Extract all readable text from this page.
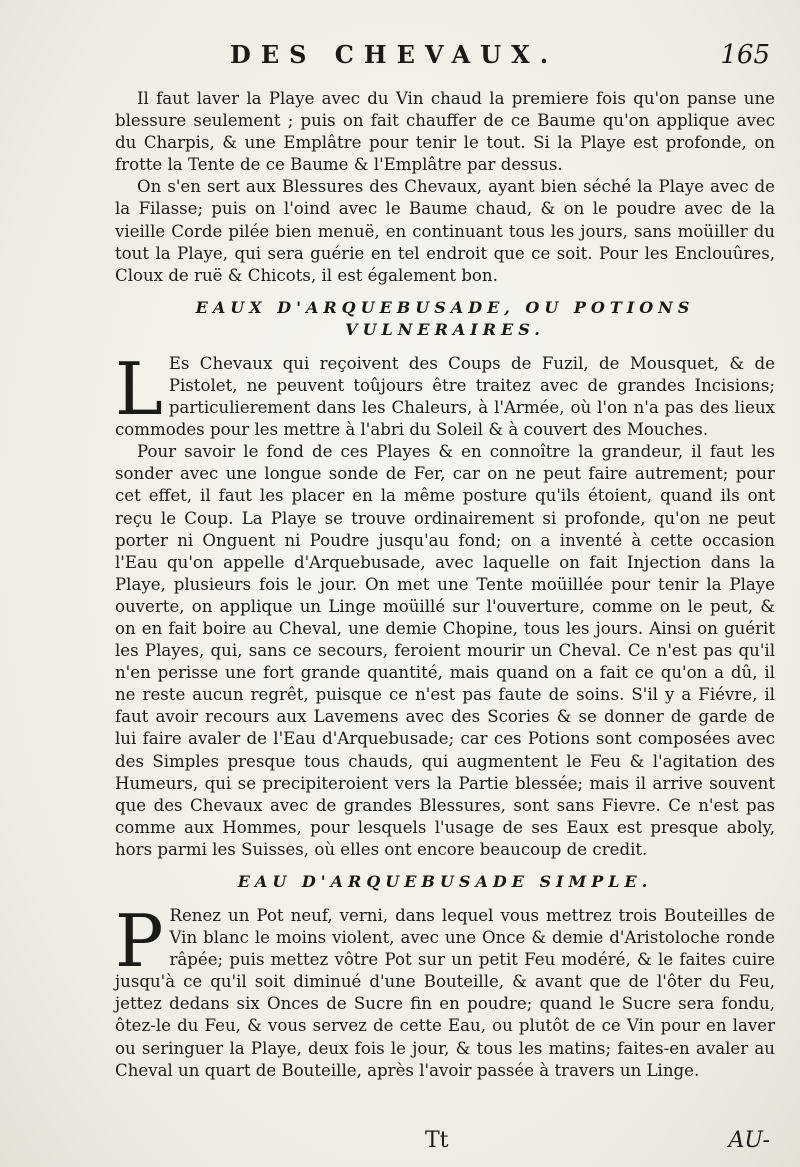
DES CHEVAUX.	165

Il faut laver la Playe avec du Vin chaud la premiere fois qu'on panse une blessure seulement ; puis on fait chauffer de ce Baume qu'on applique avec du Charpis, & une Emplâtre pour tenir le tout. Si la Playe est profonde, on frotte la Tente de ce Baume & l'Emplâtre par dessus.

On s'en sert aux Blessures des Chevaux, ayant bien séché la Playe avec de la Filasse; puis on l'oind avec le Baume chaud, & on le poudre avec de la vieille Corde pilée bien menuë, en continuant tous les jours, sans moüiller du tout la Playe, qui sera guérie en tel endroit que ce soit. Pour les Enclouûres, Cloux de ruë & Chicots, il est également bon.

EAUX D'ARQUEBUSADE, OU POTIONS VULNERAIRES.

L Es Chevaux qui reçoivent des Coups de Fuzil, de Mousquet, & de Pistolet, ne peuvent toûjours être traitez avec de grandes Incisions; particulierement dans les Chaleurs, à l'Armée, où l'on n'a pas des lieux commodes pour les mettre à l'abri du Soleil & à couvert des Mouches.

Pour savoir le fond de ces Playes & en connoître la grandeur, il faut les sonder avec une longue sonde de Fer, car on ne peut faire autrement; pour cet effet, il faut les placer en la même posture qu'ils étoient, quand ils ont reçu le Coup. La Playe se trouve ordinairement si profonde, qu'on ne peut porter ni Onguent ni Poudre jusqu'au fond; on a inventé à cette occasion l'Eau qu'on appelle d'Arquebusade, avec laquelle on fait Injection dans la Playe, plusieurs fois le jour. On met une Tente moüillée pour tenir la Playe ouverte, on applique un Linge moüillé sur l'ouverture, comme on le peut, & on en fait boire au Cheval, une demie Chopine, tous les jours. Ainsi on guérit les Playes, qui, sans ce secours, feroient mourir un Cheval. Ce n'est pas qu'il n'en perisse une fort grande quantité, mais quand on a fait ce qu'on a dû, il ne reste aucun regrêt, puisque ce n'est pas faute de soins. S'il y a Fiévre, il faut avoir recours aux Lavemens avec des Scories & se donner de garde de lui faire avaler de l'Eau d'Arquebusade; car ces Potions sont composées avec des Simples presque tous chauds, qui augmentent le Feu & l'agitation des Humeurs, qui se precipiteroient vers la Partie blessée; mais il arrive souvent que des Chevaux avec de grandes Blessures, sont sans Fievre. Ce n'est pas comme aux Hommes, pour lesquels l'usage de ses Eaux est presque aboly, hors parmi les Suisses, où elles ont encore beaucoup de credit.

EAU D'ARQUEBUSADE SIMPLE.

P Renez un Pot neuf, verni, dans lequel vous mettrez trois Bouteilles de Vin blanc le moins violent, avec une Once & demie d'Aristoloche ronde râpée; puis mettez vôtre Pot sur un petit Feu modéré, & le faites cuire jusqu'à ce qu'il soit diminué d'une Bouteille, & avant que de l'ôter du Feu, jettez dedans six Onces de Sucre fin en poudre; quand le Sucre sera fondu, ôtez-le du Feu, & vous servez de cette Eau, ou plutôt de ce Vin pour en laver ou seringuer la Playe, deux fois le jour, & tous les matins; faites-en avaler au Cheval un quart de Bouteille, après l'avoir passée à travers un Linge.

Tt	AU-
